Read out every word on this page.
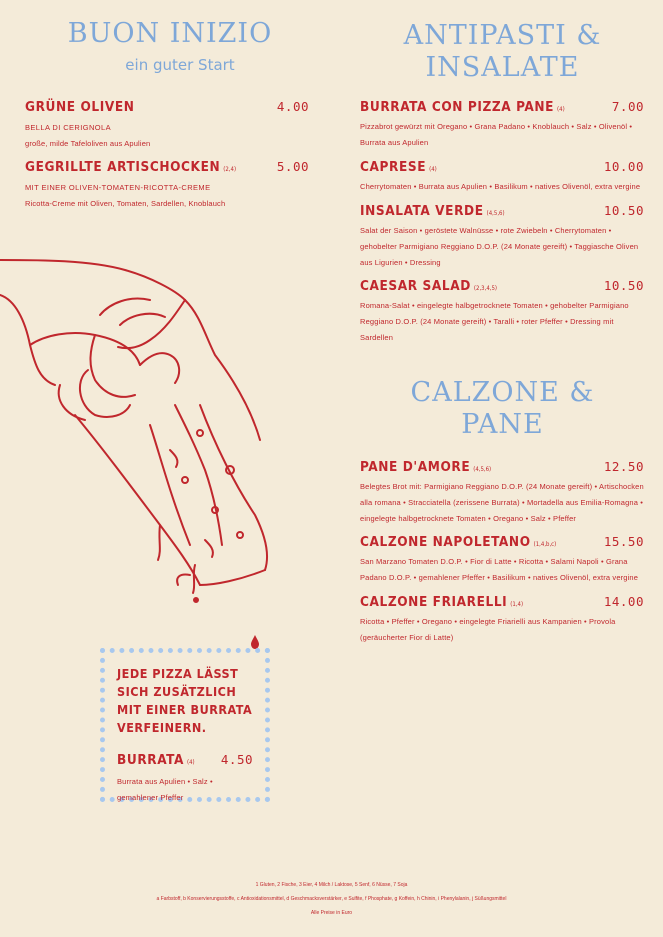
BUON INIZIO
ein guter Start
GRÜNE OLIVEN	4.00
BELLA DI CERIGNOLA
große, milde Tafeloliven aus Apulien
GEGRILLTE ARTISCHOCKEN (2,4)	5.00
MIT EINER OLIVEN-TOMATEN-RICOTTA-CREME
Ricotta-Creme mit Oliven, Tomaten, Sardellen, Knoblauch
ANTIPASTI &
INSALATE
BURRATA CON PIZZA PANE (4)	7.00
Pizzabrot gewürzt mit Oregano • Grana Padano • Knoblauch • Salz • Olivenöl • Burrata aus Apulien
CAPRESE (4)	10.00
Cherrytomaten • Burrata aus Apulien • Basilikum • natives Olivenöl, extra vergine
INSALATA VERDE (4,5,6)	10.50
Salat der Saison • geröstete Walnüsse • rote Zwiebeln • Cherrytomaten • gehobelter Parmigiano Reggiano D.O.P. (24 Monate gereift) • Taggiasche Oliven aus Ligurien • Dressing
CAESAR SALAD (2,3,4,5)	10.50
Romana-Salat • eingelegte halbgetrocknete Tomaten • gehobelter Parmigiano Reggiano D.O.P. (24 Monate gereift) • Taralli • roter Pfeffer • Dressing mit Sardellen
CALZONE &
PANE
PANE D'AMORE (4,5,6)	12.50
Belegtes Brot mit: Parmigiano Reggiano D.O.P. (24 Monate gereift) • Artischocken alla romana • Stracciatella (zerissene Burrata) • Mortadella aus Emilia-Romagna • eingelegte halbgetrocknete Tomaten • Oregano • Salz • Pfeffer
CALZONE NAPOLETANO (1,4,b,c)	15.50
San Marzano Tomaten D.O.P. • Fior di Latte • Ricotta • Salami Napoli • Grana Padano D.O.P. • gemahlener Pfeffer • Basilikum • natives Olivenöl, extra vergine
CALZONE FRIARELLI (1,4)	14.00
Ricotta • Pfeffer • Oregano • eingelegte Friarielli aus Kampanien • Provola (geräucherter Fior di Latte)
JEDE PIZZA LÄSST SICH ZUSÄTZLICH MIT EINER BURRATA VERFEINERN.
BURRATA (4) 4.50
Burrata aus Apulien • Salz • gemahlener Pfeffer
1 Gluten, 2 Fische, 3 Eier, 4 Milch / Laktose, 5 Senf, 6 Nüsse, 7 Soja
a Farbstoff, b Konservierungsstoffe, c Antioxidationsmittel, d Geschmacksverstärker, e Sulfite, f Phosphate, g Koffein, h Chinin, i Phenylalanin, j Süßungsmittel
Alle Preise in Euro
